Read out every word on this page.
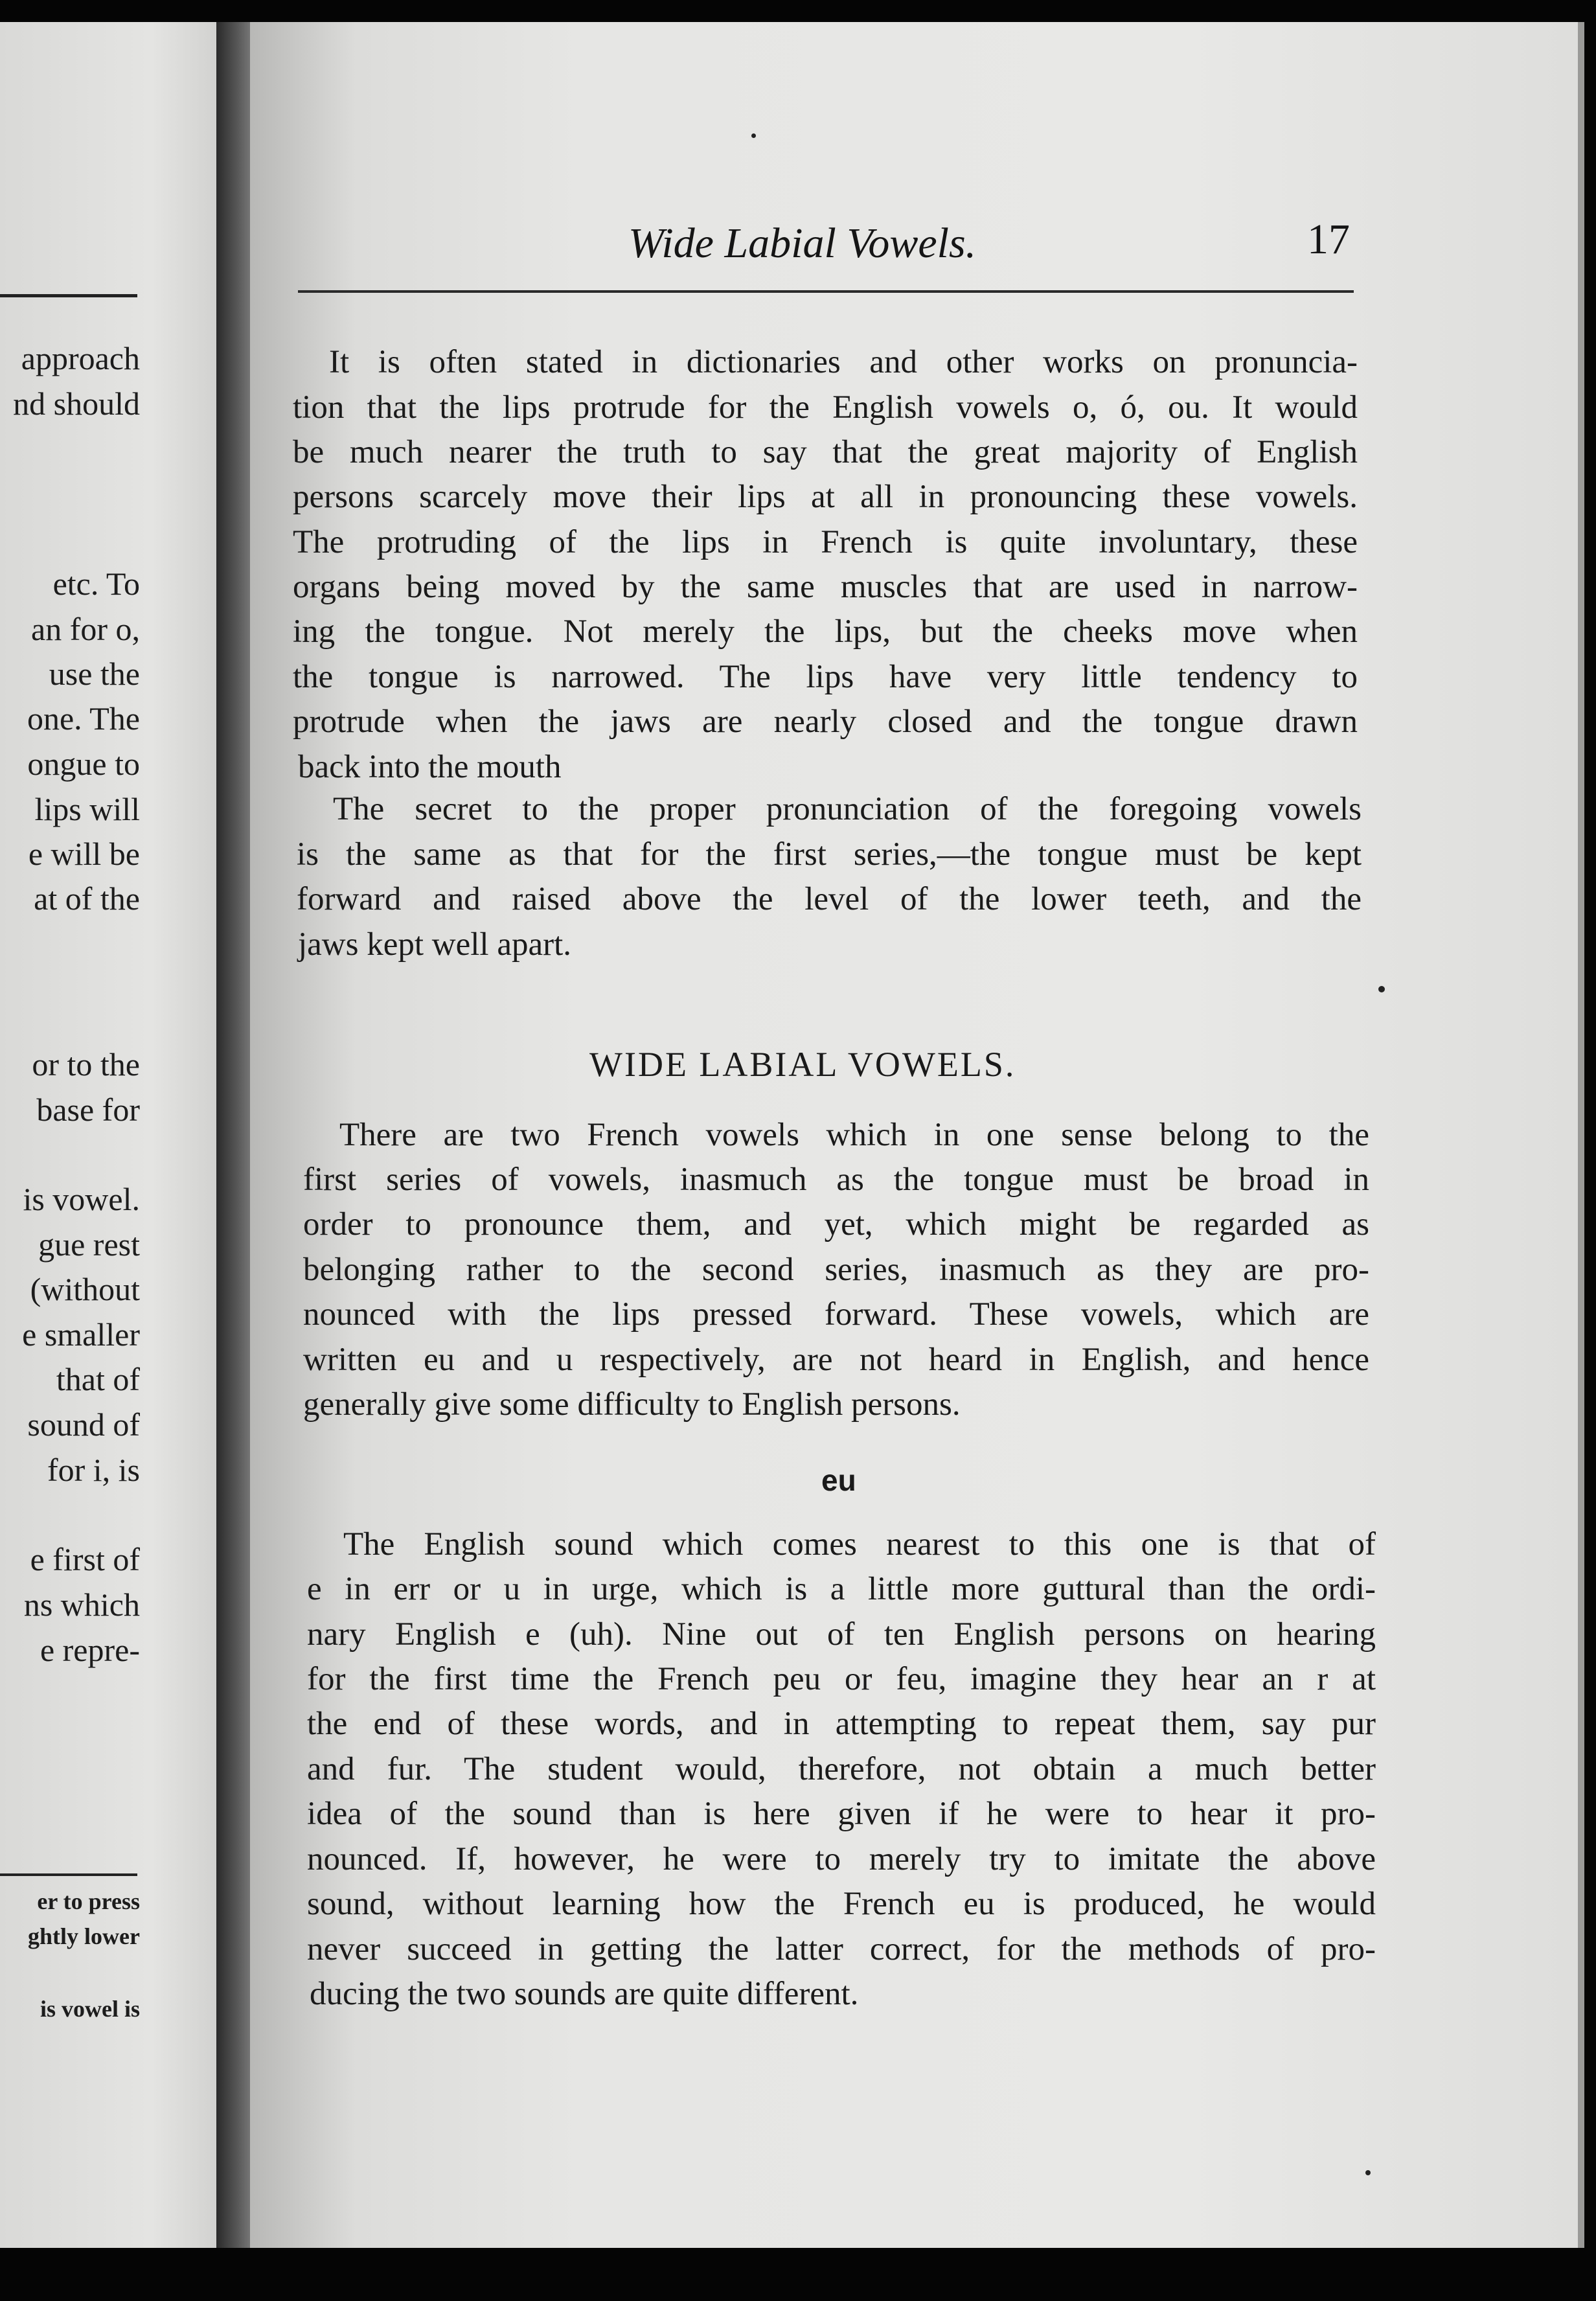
approach
nd should
etc. To
an for o,
use the
one. The
ongue to
lips will
e will be
at of the
or to the
base for
is vowel.
gue rest
(without
e smaller
that of
sound of
for i, is
e first of
ns which
e repre-
er to press
ghtly lower
is vowel is
Wide Labial Vowels.	17
It is often stated in dictionaries and other works on pronuncia-
tion that the lips protrude for the English vowels o, ó, ou. It would
be much nearer the truth to say that the great majority of English
persons scarcely move their lips at all in pronouncing these vowels.
The protruding of the lips in French is quite involuntary, these
organs being moved by the same muscles that are used in narrow-
ing the tongue. Not merely the lips, but the cheeks move when
the tongue is narrowed. The lips have very little tendency to
protrude when the jaws are nearly closed and the tongue drawn
back into the mouth
The secret to the proper pronunciation of the foregoing vowels
is the same as that for the first series,—the tongue must be kept
forward and raised above the level of the lower teeth, and the
jaws kept well apart.
WIDE LABIAL VOWELS.
There are two French vowels which in one sense belong to the
first series of vowels, inasmuch as the tongue must be broad in
order to pronounce them, and yet, which might be regarded as
belonging rather to the second series, inasmuch as they are pro-
nounced with the lips pressed forward. These vowels, which are
written eu and u respectively, are not heard in English, and hence
generally give some difficulty to English persons.
eu
The English sound which comes nearest to this one is that of
e in err or u in urge, which is a little more guttural than the ordi-
nary English e (uh). Nine out of ten English persons on hearing
for the first time the French peu or feu, imagine they hear an r at
the end of these words, and in attempting to repeat them, say pur
and fur. The student would, therefore, not obtain a much better
idea of the sound than is here given if he were to hear it pro-
nounced. If, however, he were to merely try to imitate the above
sound, without learning how the French eu is produced, he would
never succeed in getting the latter correct, for the methods of pro-
ducing the two sounds are quite different.
